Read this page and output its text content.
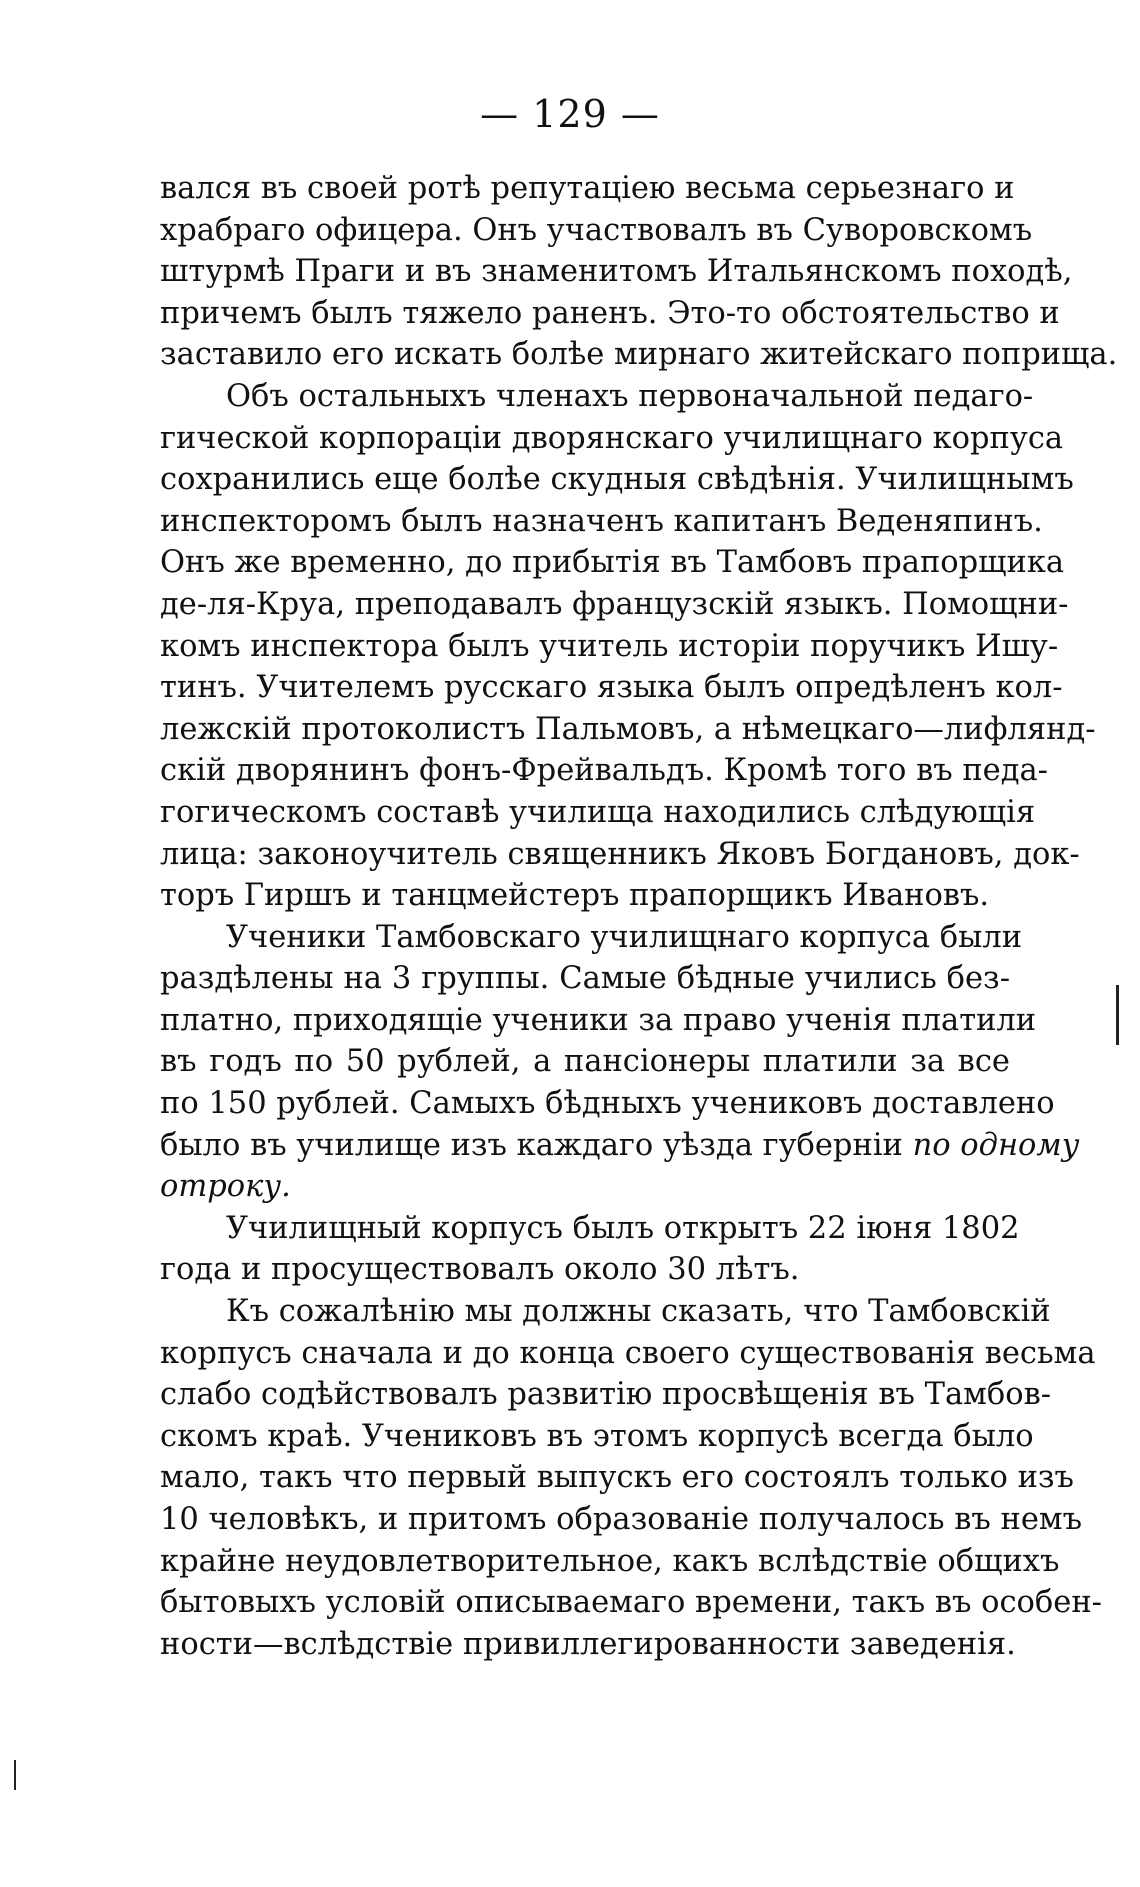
— 129 —
вался въ своей ротѣ репутаціею весьма серьезнаго и
храбраго офицера. Онъ участвовалъ въ Суворовскомъ
штурмѣ Праги и въ знаменитомъ Итальянскомъ походѣ,
причемъ былъ тяжело раненъ. Это-то обстоятельство и
заставило его искать болѣе мирнаго житейскаго поприща.
Объ остальныхъ членахъ первоначальной педаго-
гической корпораціи дворянскаго училищнаго корпуса
сохранились еще болѣе скудныя свѣдѣнія. Училищнымъ
инспекторомъ былъ назначенъ капитанъ Веденяпинъ.
Онъ же временно, до прибытія въ Тамбовъ прапорщика
де-ля-Круа, преподавалъ французскій языкъ. Помощни-
комъ инспектора былъ учитель исторіи поручикъ Ишу-
тинъ. Учителемъ русскаго языка былъ опредѣленъ кол-
лежскій протоколистъ Пальмовъ, а нѣмецкаго—лифлянд-
скій дворянинъ фонъ-Фрейвальдъ. Кромѣ того въ педа-
гогическомъ составѣ училища находились слѣдующія
лица: законоучитель священникъ Яковъ Богдановъ, док-
торъ Гиршъ и танцмейстеръ прапорщикъ Ивановъ.
Ученики Тамбовскаго училищнаго корпуса были
раздѣлены на 3 группы. Самые бѣдные учились без-
платно, приходящіе ученики за право ученія платили
въ годъ по 50 рублей, а пансіонеры платили за все
по 150 рублей. Самыхъ бѣдныхъ учениковъ доставлено
было въ училище изъ каждаго уѣзда губерніи по одному
отроку.
Училищный корпусъ былъ открытъ 22 іюня 1802
года и просуществовалъ около 30 лѣтъ.
Къ сожалѣнію мы должны сказать, что Тамбовскій
корпусъ сначала и до конца своего существованія весьма
слабо содѣйствовалъ развитію просвѣщенія въ Тамбов-
скомъ краѣ. Учениковъ въ этомъ корпусѣ всегда было
мало, такъ что первый выпускъ его состоялъ только изъ
10 человѣкъ, и притомъ образованіе получалось въ немъ
крайне неудовлетворительное, какъ вслѣдствіе общихъ
бытовыхъ условій описываемаго времени, такъ въ особен-
ности—вслѣдствіе привиллегированности заведенія.
